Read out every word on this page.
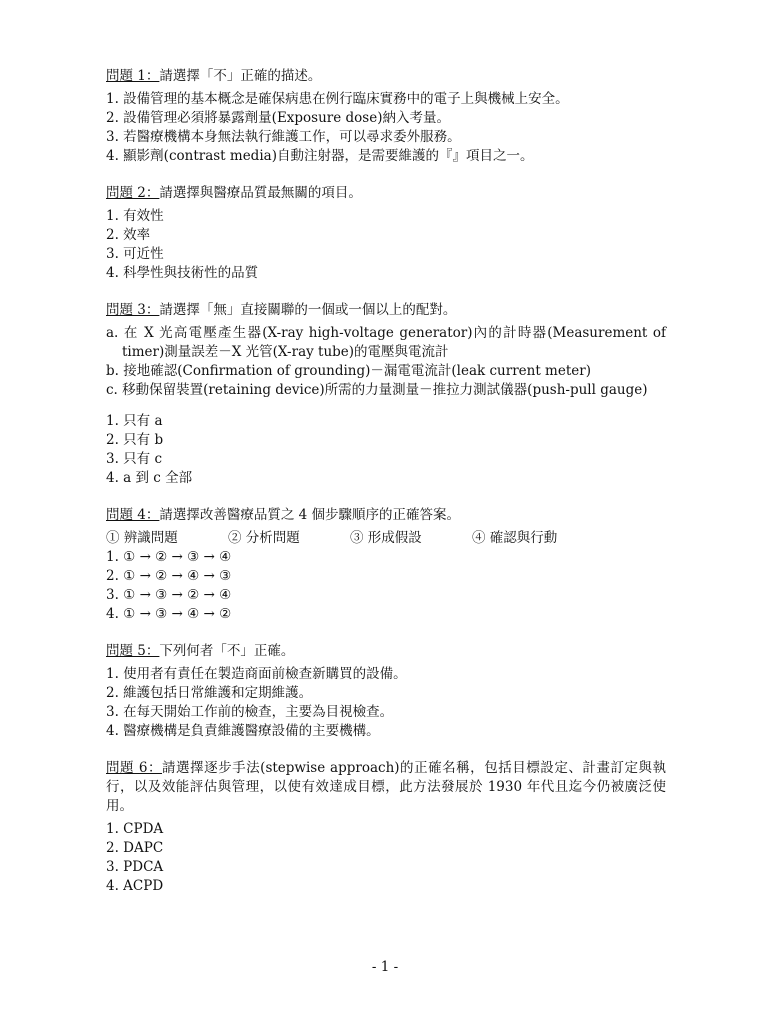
問題 1：請選擇「不」正確的描述。
1. 設備管理的基本概念是確保病患在例行臨床實務中的電子上與機械上安全。
2. 設備管理必須將暴露劑量(Exposure dose)納入考量。
3. 若醫療機構本身無法執行維護工作，可以尋求委外服務。
4. 顯影劑(contrast media)自動注射器，是需要維護的『』項目之一。
問題 2：請選擇與醫療品質最無關的項目。
1. 有效性
2. 效率
3. 可近性
4. 科學性與技術性的品質
問題 3：請選擇「無」直接關聯的一個或一個以上的配對。
a. 在 X 光高電壓產生器(X-ray high-voltage generator)內的計時器(Measurement of timer)測量誤差－X 光管(X-ray tube)的電壓與電流計
b. 接地確認(Confirmation of grounding)－漏電電流計(leak current meter)
c. 移動保留裝置(retaining device)所需的力量測量－推拉力測試儀器(push-pull gauge)
1. 只有 a
2. 只有 b
3. 只有 c
4. a 到 c 全部
問題 4：請選擇改善醫療品質之 4 個步驟順序的正確答案。
① 辨識問題	② 分析問題	③ 形成假設	④ 確認與行動
1. ① → ② → ③ → ④
2. ① → ② → ④ → ③
3. ① → ③ → ② → ④
4. ① → ③ → ④ → ②
問題 5：下列何者「不」正確。
1. 使用者有責任在製造商面前檢查新購買的設備。
2. 維護包括日常維護和定期維護。
3. 在每天開始工作前的檢查，主要為目視檢查。
4. 醫療機構是負責維護醫療設備的主要機構。
問題 6：請選擇逐步手法(stepwise approach)的正確名稱，包括目標設定、計畫訂定與執行，以及效能評估與管理，以使有效達成目標，此方法發展於 1930 年代且迄今仍被廣泛使用。
1. CPDA
2. DAPC
3. PDCA
4. ACPD
- 1 -
